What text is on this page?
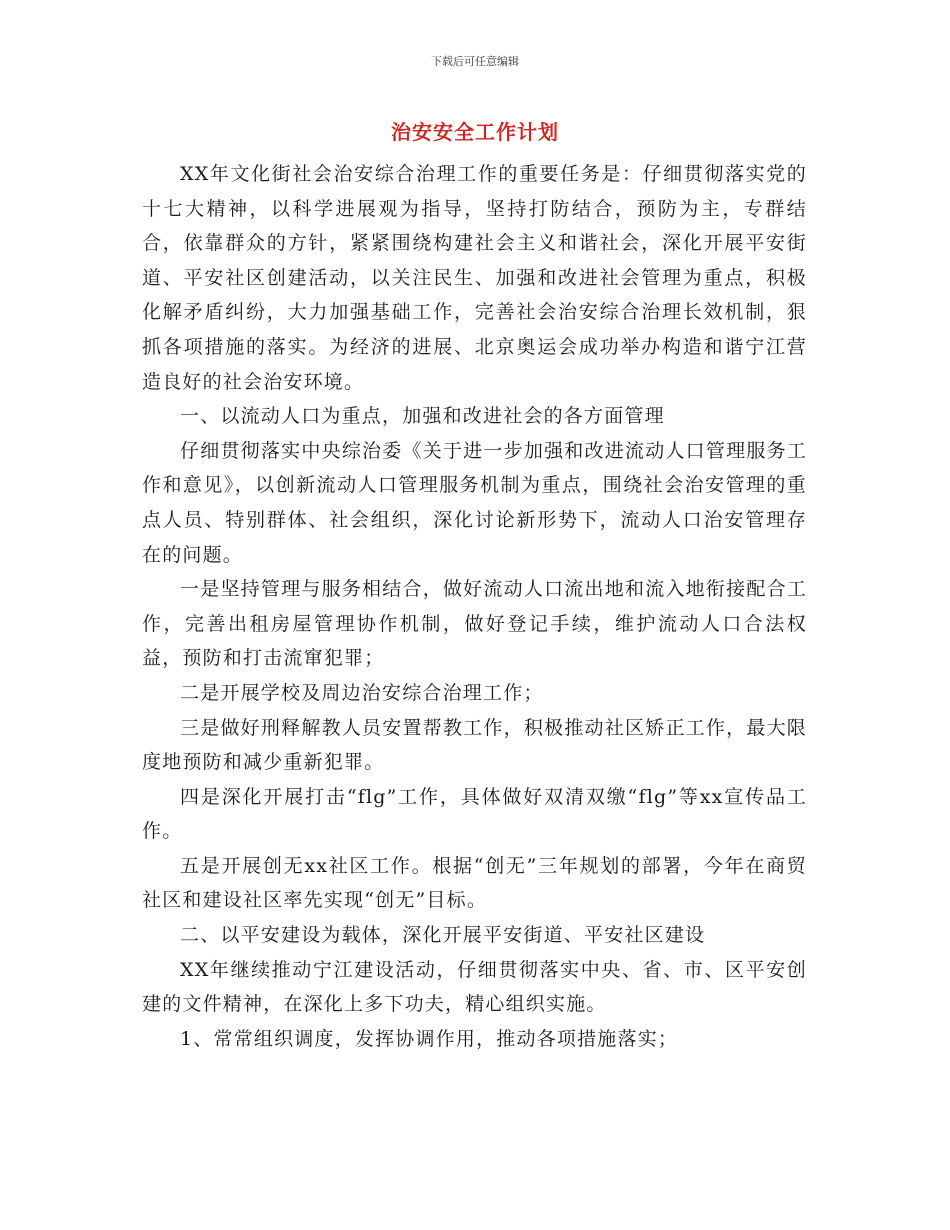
下载后可任意编辑
治安安全工作计划

XX年文化街社会治安综合治理工作的重要任务是：仔细贯彻落实党的十七大精神，以科学进展观为指导，坚持打防结合，预防为主，专群结合，依靠群众的方针，紧紧围绕构建社会主义和谐社会，深化开展平安街道、平安社区创建活动，以关注民生、加强和改进社会管理为重点，积极化解矛盾纠纷，大力加强基础工作，完善社会治安综合治理长效机制，狠抓各项措施的落实。为经济的进展、北京奥运会成功举办构造和谐宁江营造良好的社会治安环境。

一、以流动人口为重点，加强和改进社会的各方面管理

仔细贯彻落实中央综治委《关于进一步加强和改进流动人口管理服务工作和意见》，以创新流动人口管理服务机制为重点，围绕社会治安管理的重点人员、特别群体、社会组织，深化讨论新形势下，流动人口治安管理存在的问题。

一是坚持管理与服务相结合，做好流动人口流出地和流入地衔接配合工作，完善出租房屋管理协作机制，做好登记手续，维护流动人口合法权益，预防和打击流窜犯罪；

二是开展学校及周边治安综合治理工作；

三是做好刑释解教人员安置帮教工作，积极推动社区矫正工作，最大限度地预防和减少重新犯罪。

四是深化开展打击“flg”工作，具体做好双清双缴“flg”等xx宣传品工作。

五是开展创无xx社区工作。根据“创无”三年规划的部署，今年在商贸社区和建设社区率先实现“创无”目标。

二、以平安建设为载体，深化开展平安街道、平安社区建设

XX年继续推动宁江建设活动，仔细贯彻落实中央、省、市、区平安创建的文件精神，在深化上多下功夫，精心组织实施。

1、常常组织调度，发挥协调作用，推动各项措施落实；
